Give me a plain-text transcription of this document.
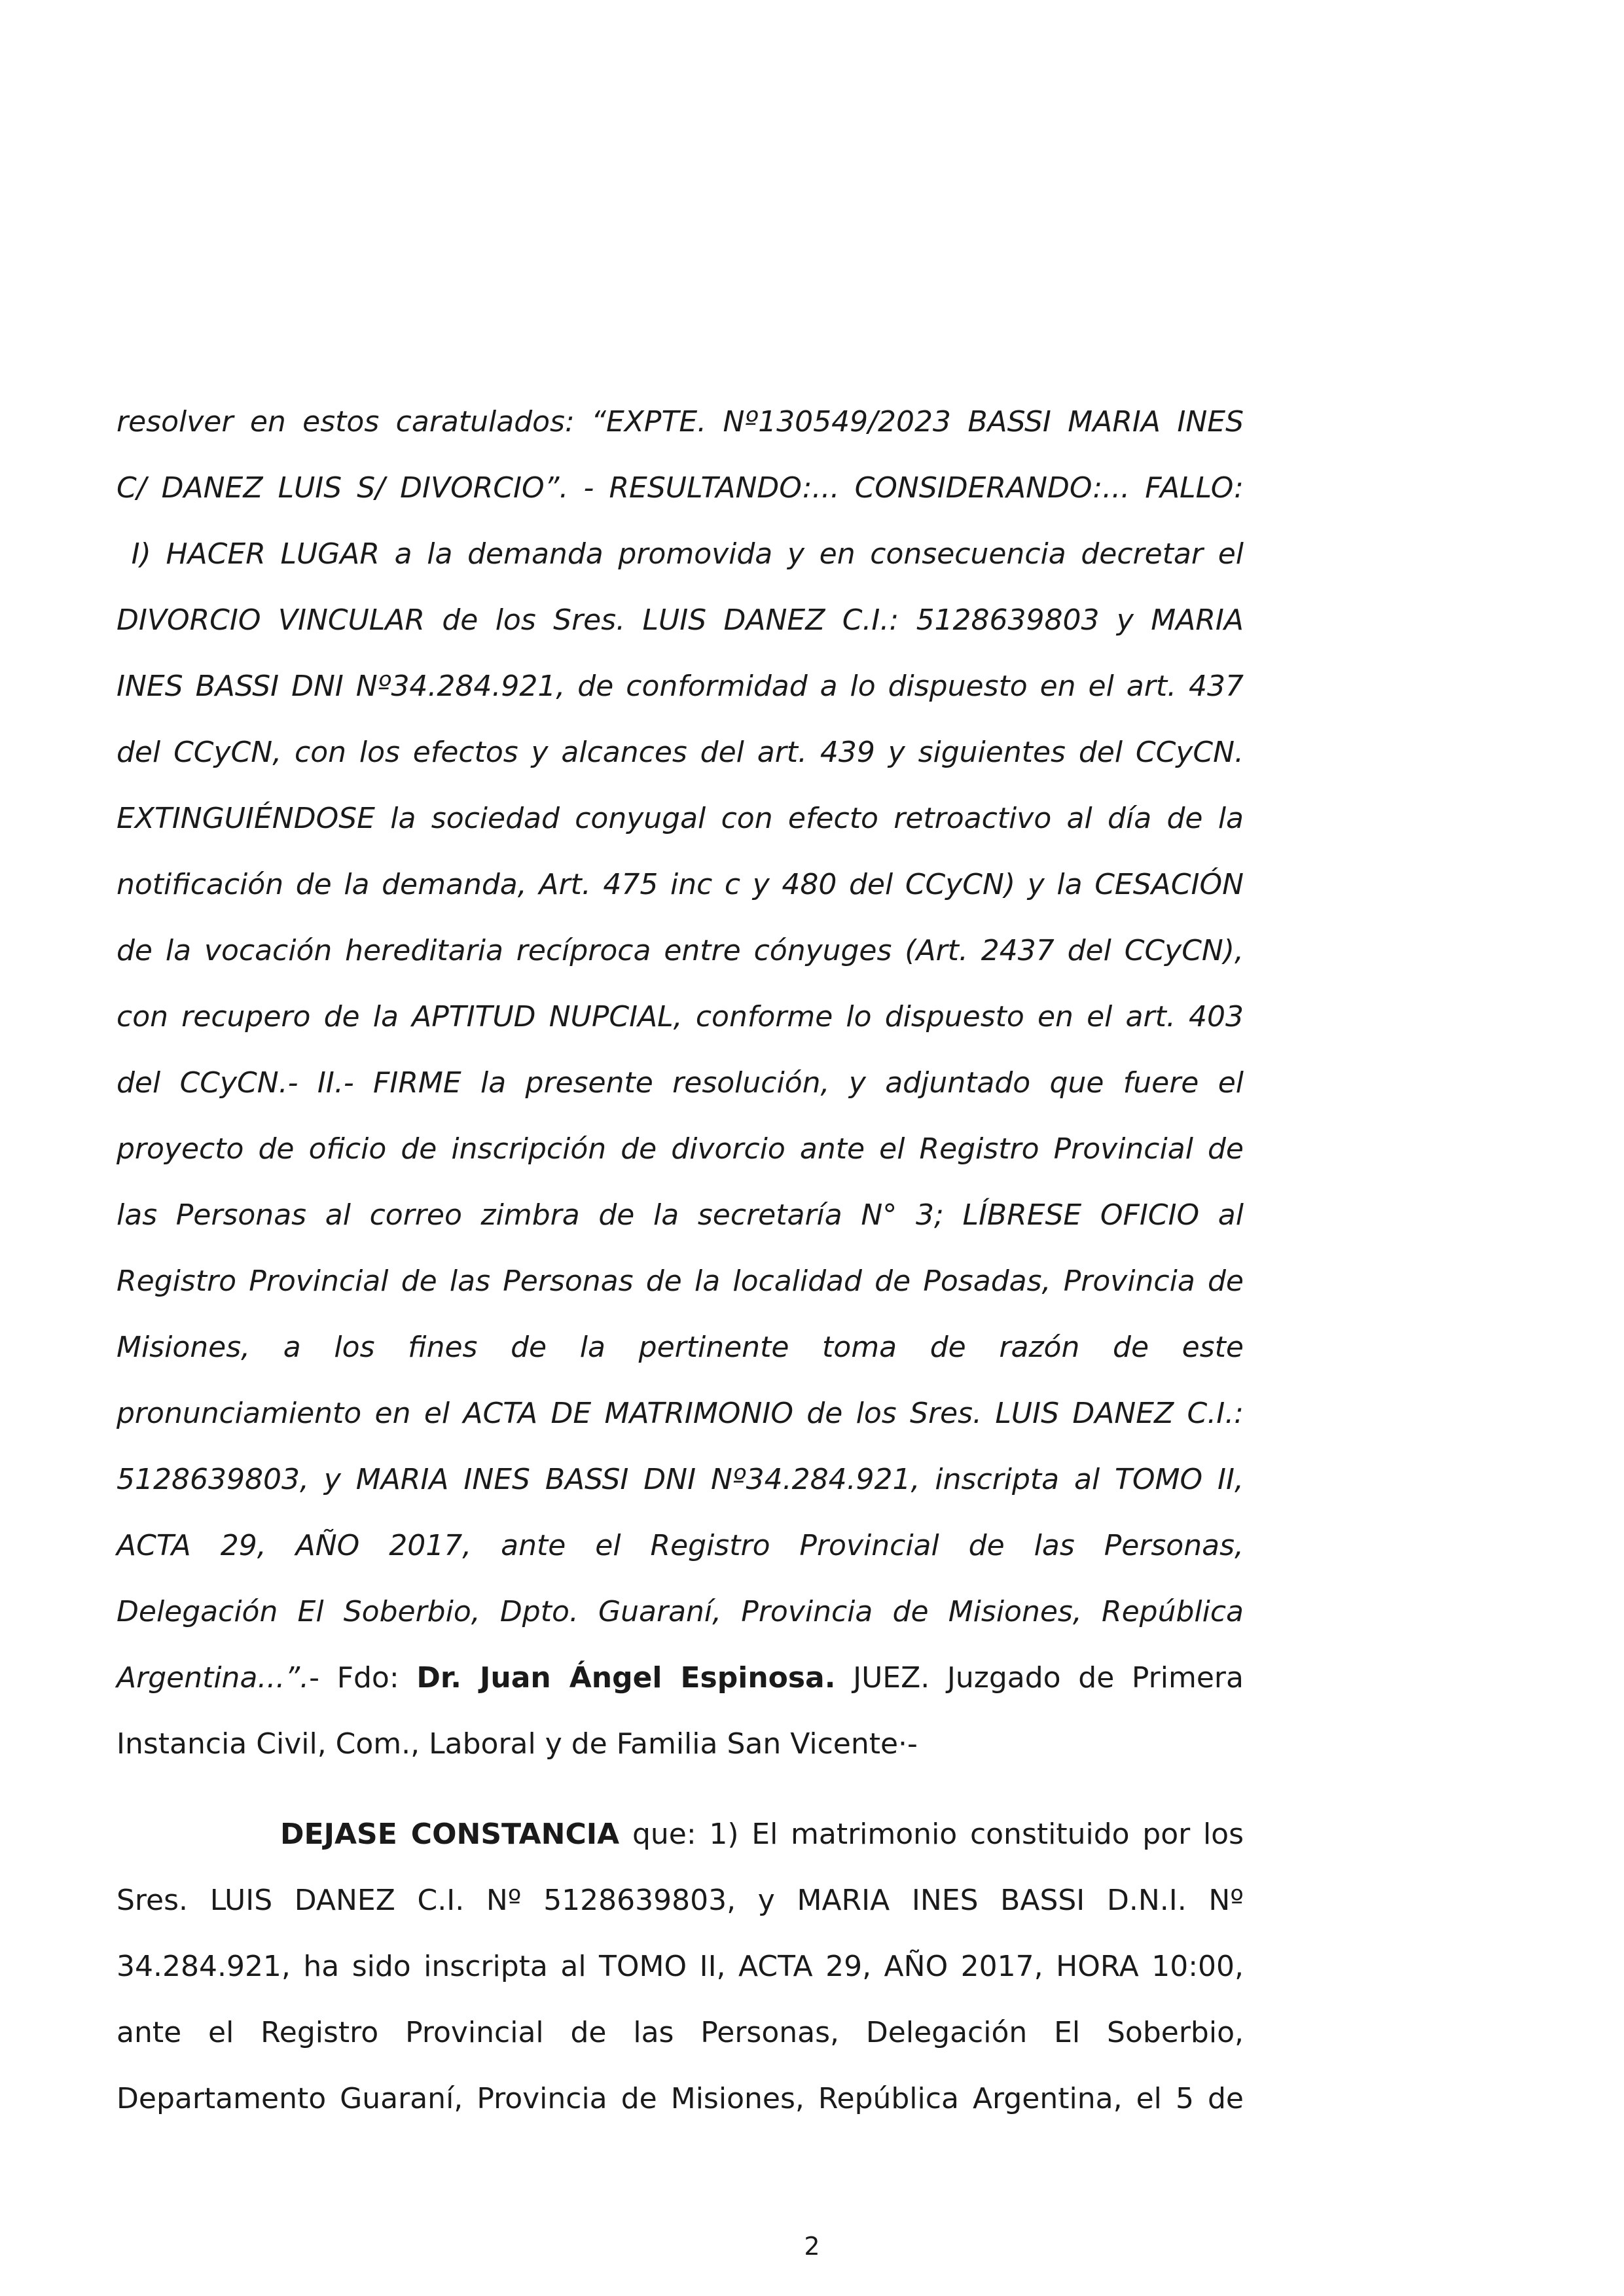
resolver en estos caratulados: “EXPTE. Nº130549/2023 BASSI MARIA INES
C/ DANEZ LUIS S/ DIVORCIO”. - RESULTANDO:... CONSIDERANDO:... FALLO:
I) HACER LUGAR a la demanda promovida y en consecuencia decretar el
DIVORCIO VINCULAR de los Sres. LUIS DANEZ C.I.: 5128639803 y MARIA
INES BASSI DNI Nº34.284.921, de conformidad a lo dispuesto en el art. 437
del CCyCN, con los efectos y alcances del art. 439 y siguientes del CCyCN.
EXTINGUIÉNDOSE la sociedad conyugal con efecto retroactivo al día de la
notificación de la demanda, Art. 475 inc c y 480 del CCyCN) y la CESACIÓN
de la vocación hereditaria recíproca entre cónyuges (Art. 2437 del CCyCN),
con recupero de la APTITUD NUPCIAL, conforme lo dispuesto en el art. 403
del CCyCN.- II.- FIRME la presente resolución, y adjuntado que fuere el
proyecto de oficio de inscripción de divorcio ante el Registro Provincial de
las Personas al correo zimbra de la secretaría N° 3; LÍBRESE OFICIO al
Registro Provincial de las Personas de la localidad de Posadas, Provincia de
Misiones, a los fines de la pertinente toma de razón de este
pronunciamiento en el ACTA DE MATRIMONIO de los Sres. LUIS DANEZ C.I.:
5128639803, y MARIA INES BASSI DNI Nº34.284.921, inscripta al TOMO II,
ACTA 29, AÑO 2017, ante el Registro Provincial de las Personas,
Delegación El Soberbio, Dpto. Guaraní, Provincia de Misiones, República
Argentina...”.- Fdo: Dr. Juan Ángel Espinosa. JUEZ. Juzgado de Primera
Instancia Civil, Com., Laboral y de Familia San Vicente·-
DEJASE CONSTANCIA que: 1) El matrimonio constituido por los
Sres. LUIS DANEZ C.I. Nº 5128639803, y MARIA INES BASSI D.N.I. Nº
34.284.921, ha sido inscripta al TOMO II, ACTA 29, AÑO 2017, HORA 10:00,
ante el Registro Provincial de las Personas, Delegación El Soberbio,
Departamento Guaraní, Provincia de Misiones, República Argentina, el 5 de
2
